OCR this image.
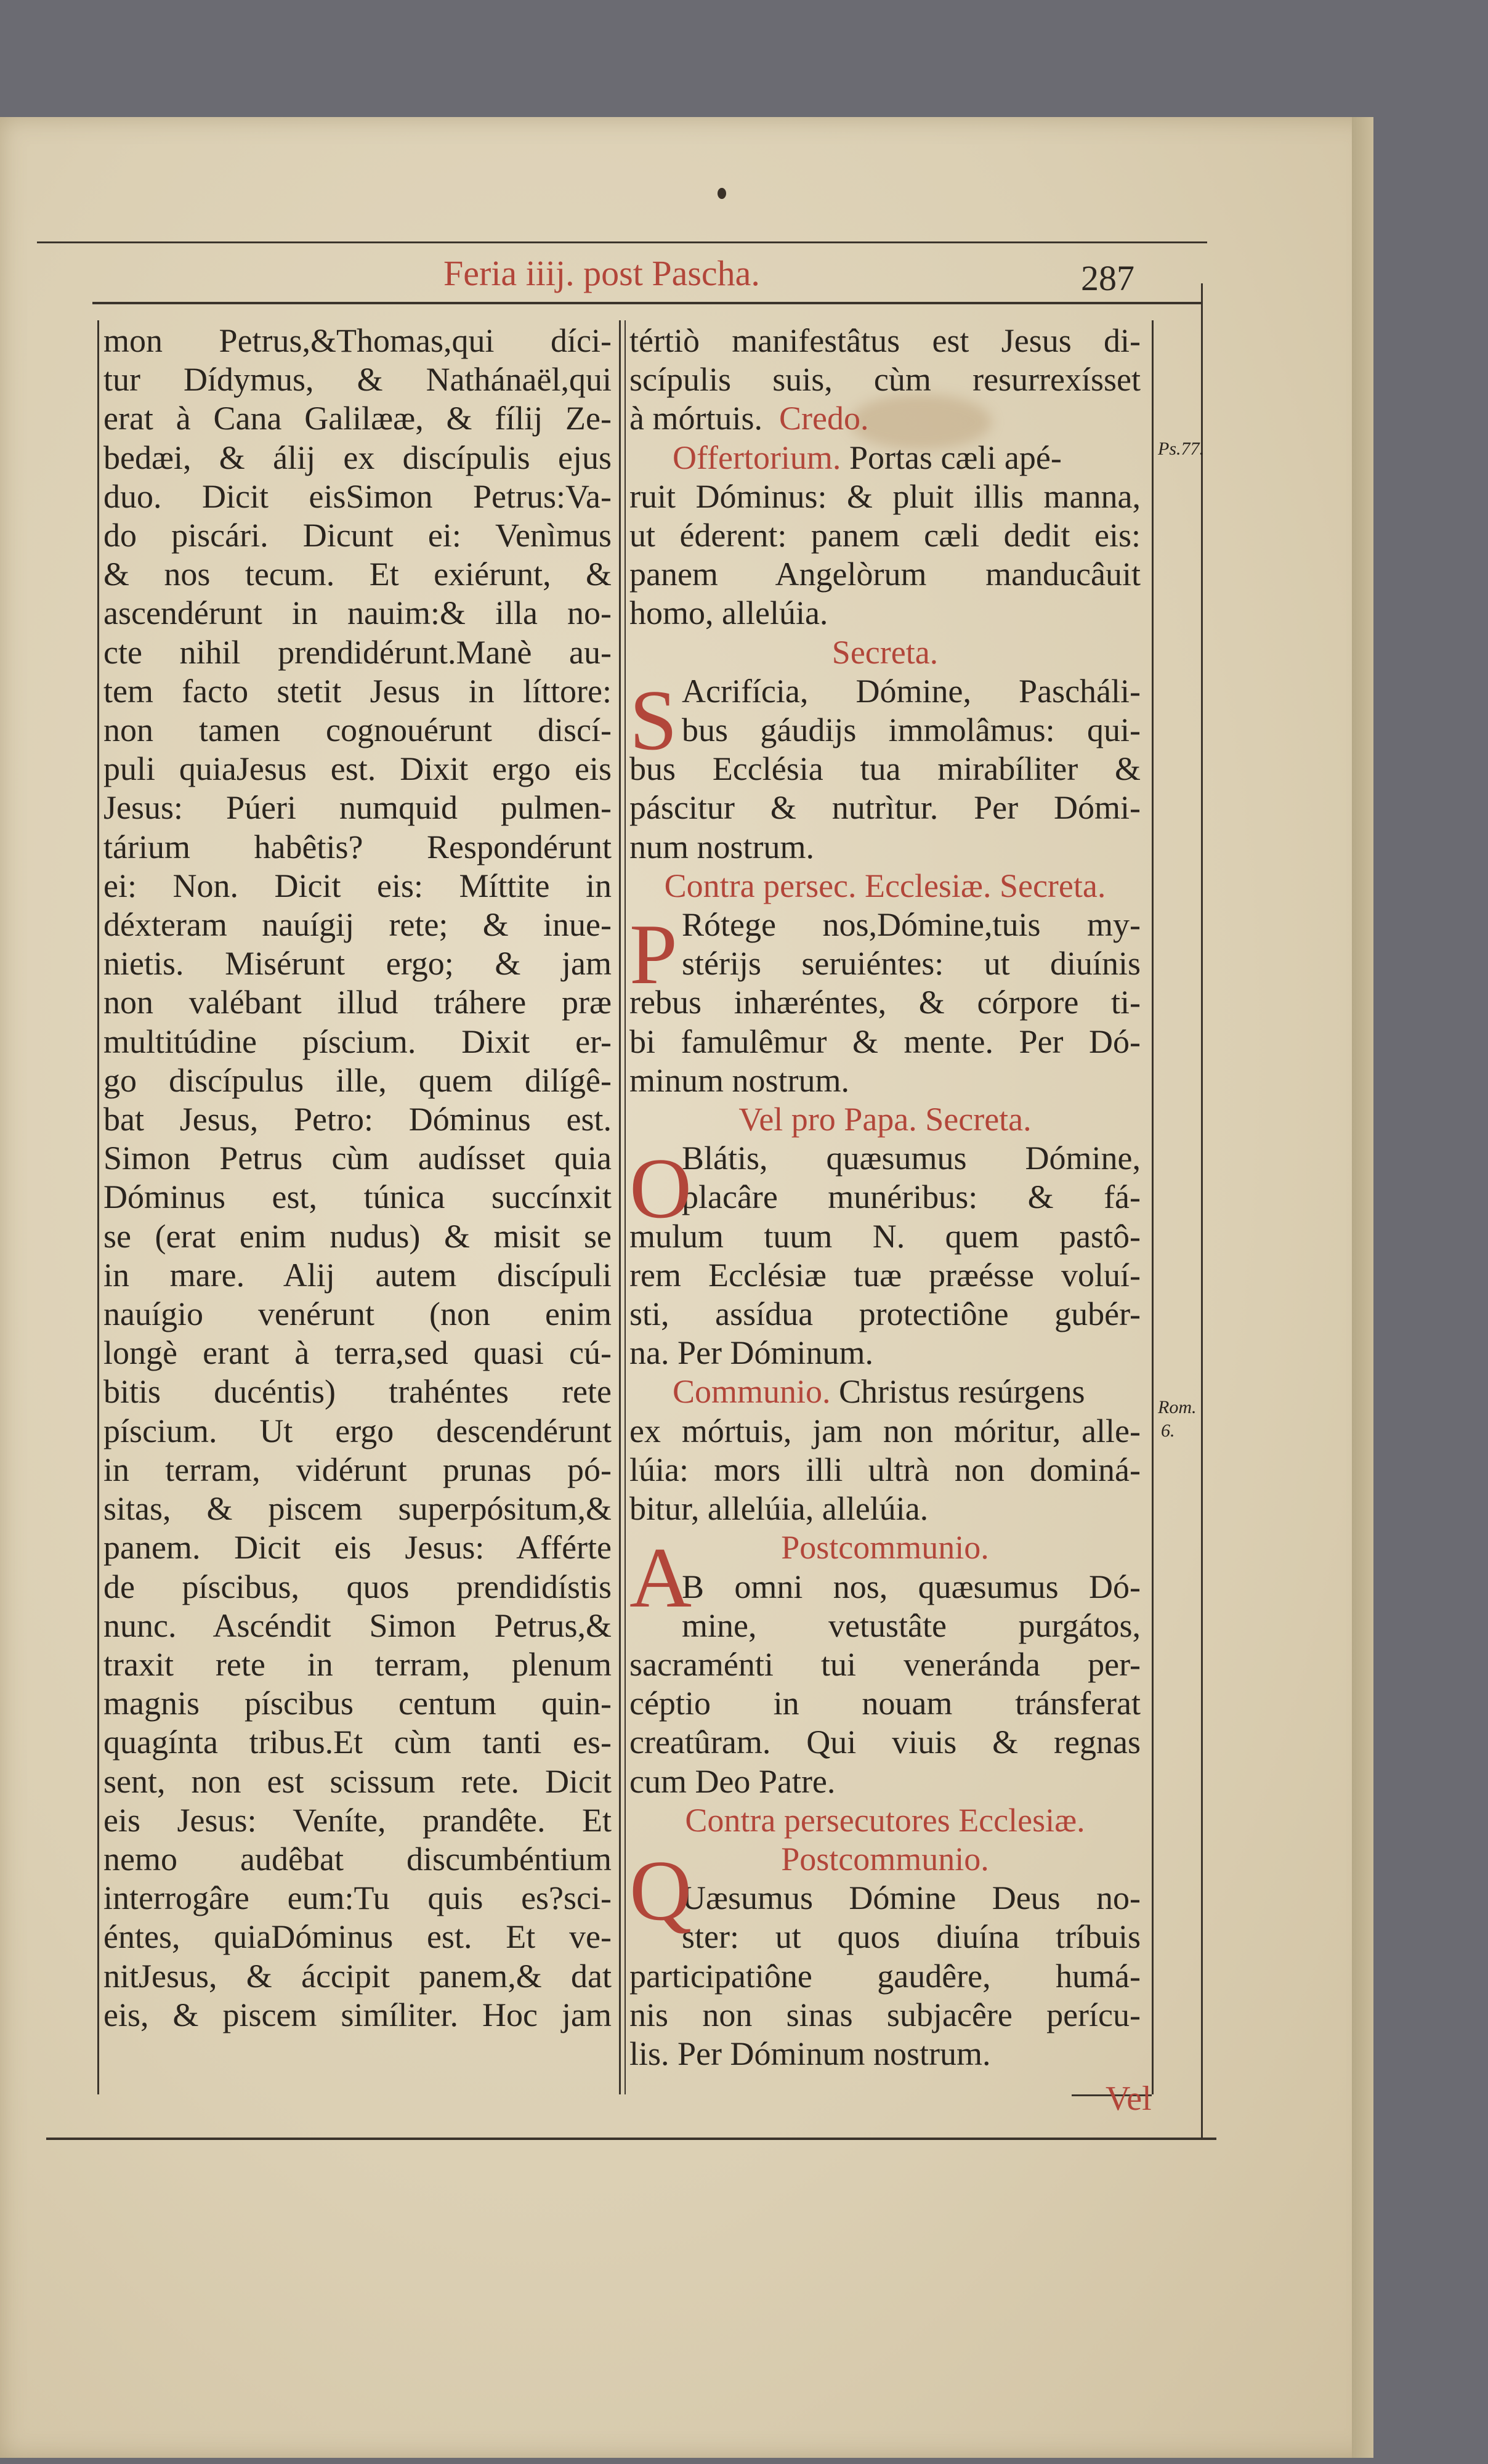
Feria iiij. post Pascha.	287
Ps.77.
Rom.
6.
mon Petrus,&Thomas,qui díci-
tur Dídymus, & Nathánaël,qui
erat à Cana Galilææ, & fílij Ze-
bedæi, & álij ex discípulis ejus
duo. Dicit eisSimon Petrus:Va-
do piscári. Dicunt ei: Venìmus
& nos tecum. Et exiérunt, &
ascendérunt in nauim:& illa no-
cte nihil prendidérunt.Manè au-
tem facto stetit Jesus in líttore:
non tamen cognouérunt discí-
puli quiaJesus est. Dixit ergo eis
Jesus: Púeri numquid pulmen-
tárium habêtis? Respondérunt
ei: Non. Dicit eis: Míttite in
déxteram nauígij rete; & inue-
nietis. Misérunt ergo; & jam
non valébant illud tráhere præ
multitúdine píscium. Dixit er-
go discípulus ille, quem dilígê-
bat Jesus, Petro: Dóminus est.
Simon Petrus cùm audísset quia
Dóminus est, túnica succínxit
se (erat enim nudus) & misit se
in mare. Alij autem discípuli
nauígio venérunt (non enim
longè erant à terra,sed quasi cú-
bitis ducéntis) trahéntes rete
píscium. Ut ergo descendérunt
in terram, vidérunt prunas pó-
sitas, & piscem superpósitum,&
panem. Dicit eis Jesus: Afférte
de píscibus, quos prendidístis
nunc. Ascéndit Simon Petrus,&
traxit rete in terram, plenum
magnis píscibus centum quin-
quagínta tribus.Et cùm tanti es-
sent, non est scissum rete. Dicit
eis Jesus: Veníte, prandête. Et
nemo audêbat discumbéntium
interrogâre eum:Tu quis es?sci-
éntes, quiaDóminus est. Et ve-
nitJesus, & áccipit panem,& dat
eis, & piscem simíliter. Hoc jam
tértiò manifestâtus est Jesus di-
scípulis suis, cùm resurrexísset
à mórtuis. Credo.
Offertorium. Portas cæli apé-
ruit Dóminus: & pluit illis manna,
ut éderent: panem cæli dedit eis:
panem Angelòrum manducâuit
homo, allelúia.
Secreta.
Acrifícia, Dómine, Pascháli-
bus gáudijs immolâmus: qui-
bus Ecclésia tua mirabíliter &
páscitur & nutrìtur. Per Dómi-
num nostrum.
Contra persec. Ecclesiæ. Secreta.
Rótege nos,Dómine,tuis my-
stérijs seruiéntes: ut diuínis
rebus inhæréntes, & córpore ti-
bi famulêmur & mente. Per Dó-
minum nostrum.
Vel pro Papa. Secreta.
Blátis, quæsumus Dómine,
placâre munéribus: & fá-
mulum tuum N. quem pastô-
rem Ecclésiæ tuæ præésse voluí-
sti, assídua protectiône gubér-
na. Per Dóminum.
Communio. Christus resúrgens
ex mórtuis, jam non móritur, alle-
lúia: mors illi ultrà non dominá-
bitur, allelúia, allelúia.
Postcommunio.
B omni nos, quæsumus Dó-
mine, vetustâte purgátos,
sacraménti tui veneránda per-
céptio in nouam tránsferat
creatûram. Qui viuis & regnas
cum Deo Patre.
Contra persecutores Ecclesiæ.
Postcommunio.
Uæsumus Dómine Deus no-
ster: ut quos diuína tríbuis
participatiône gaudêre, humá-
nis non sinas subjacêre perícu-
lis. Per Dóminum nostrum.
S
P
O
A
Q
Vel
